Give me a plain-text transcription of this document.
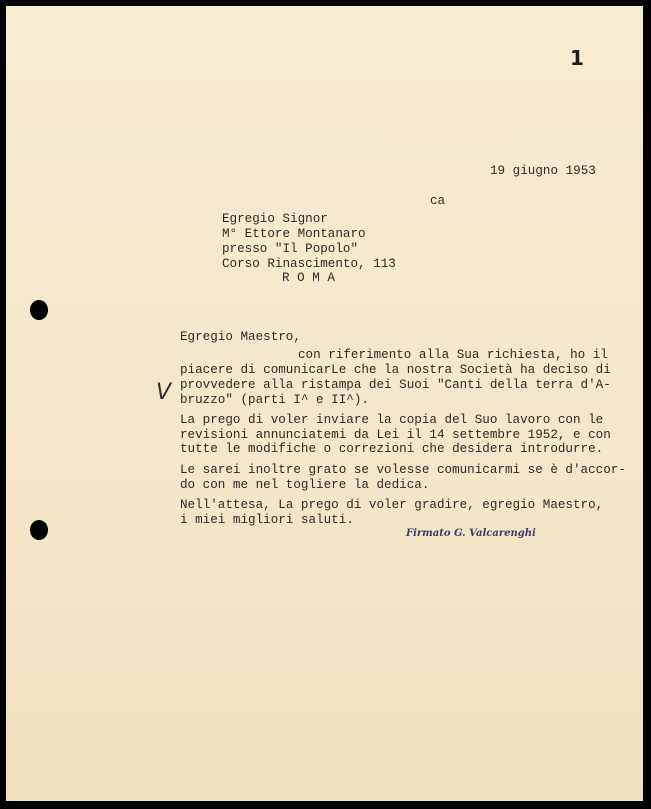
1

19 giugno 1953

ca

Egregio Signor

M° Ettore Montanaro

presso "Il Popolo"

Corso Rinascimento, 113

R O M A

Egregio Maestro,

con riferimento alla Sua richiesta, ho il

piacere di comunicarLe che la nostra Società ha deciso di

provvedere alla ristampa dei Suoi "Canti della terra d'A-

bruzzo" (parti I^ e II^).

V

La prego di voler inviare la copia del Suo lavoro con le

revisioni annunciatemi da Lei il 14 settembre 1952, e con

tutte le modifiche o correzioni che desidera introdurre.

Le sarei inoltre grato se volesse comunicarmi se è d'accor-

do con me nel togliere la dedica.

Nell'attesa, La prego di voler gradire, egregio Maestro,

i miei migliori saluti.

Firmato G. Valcarenghi
